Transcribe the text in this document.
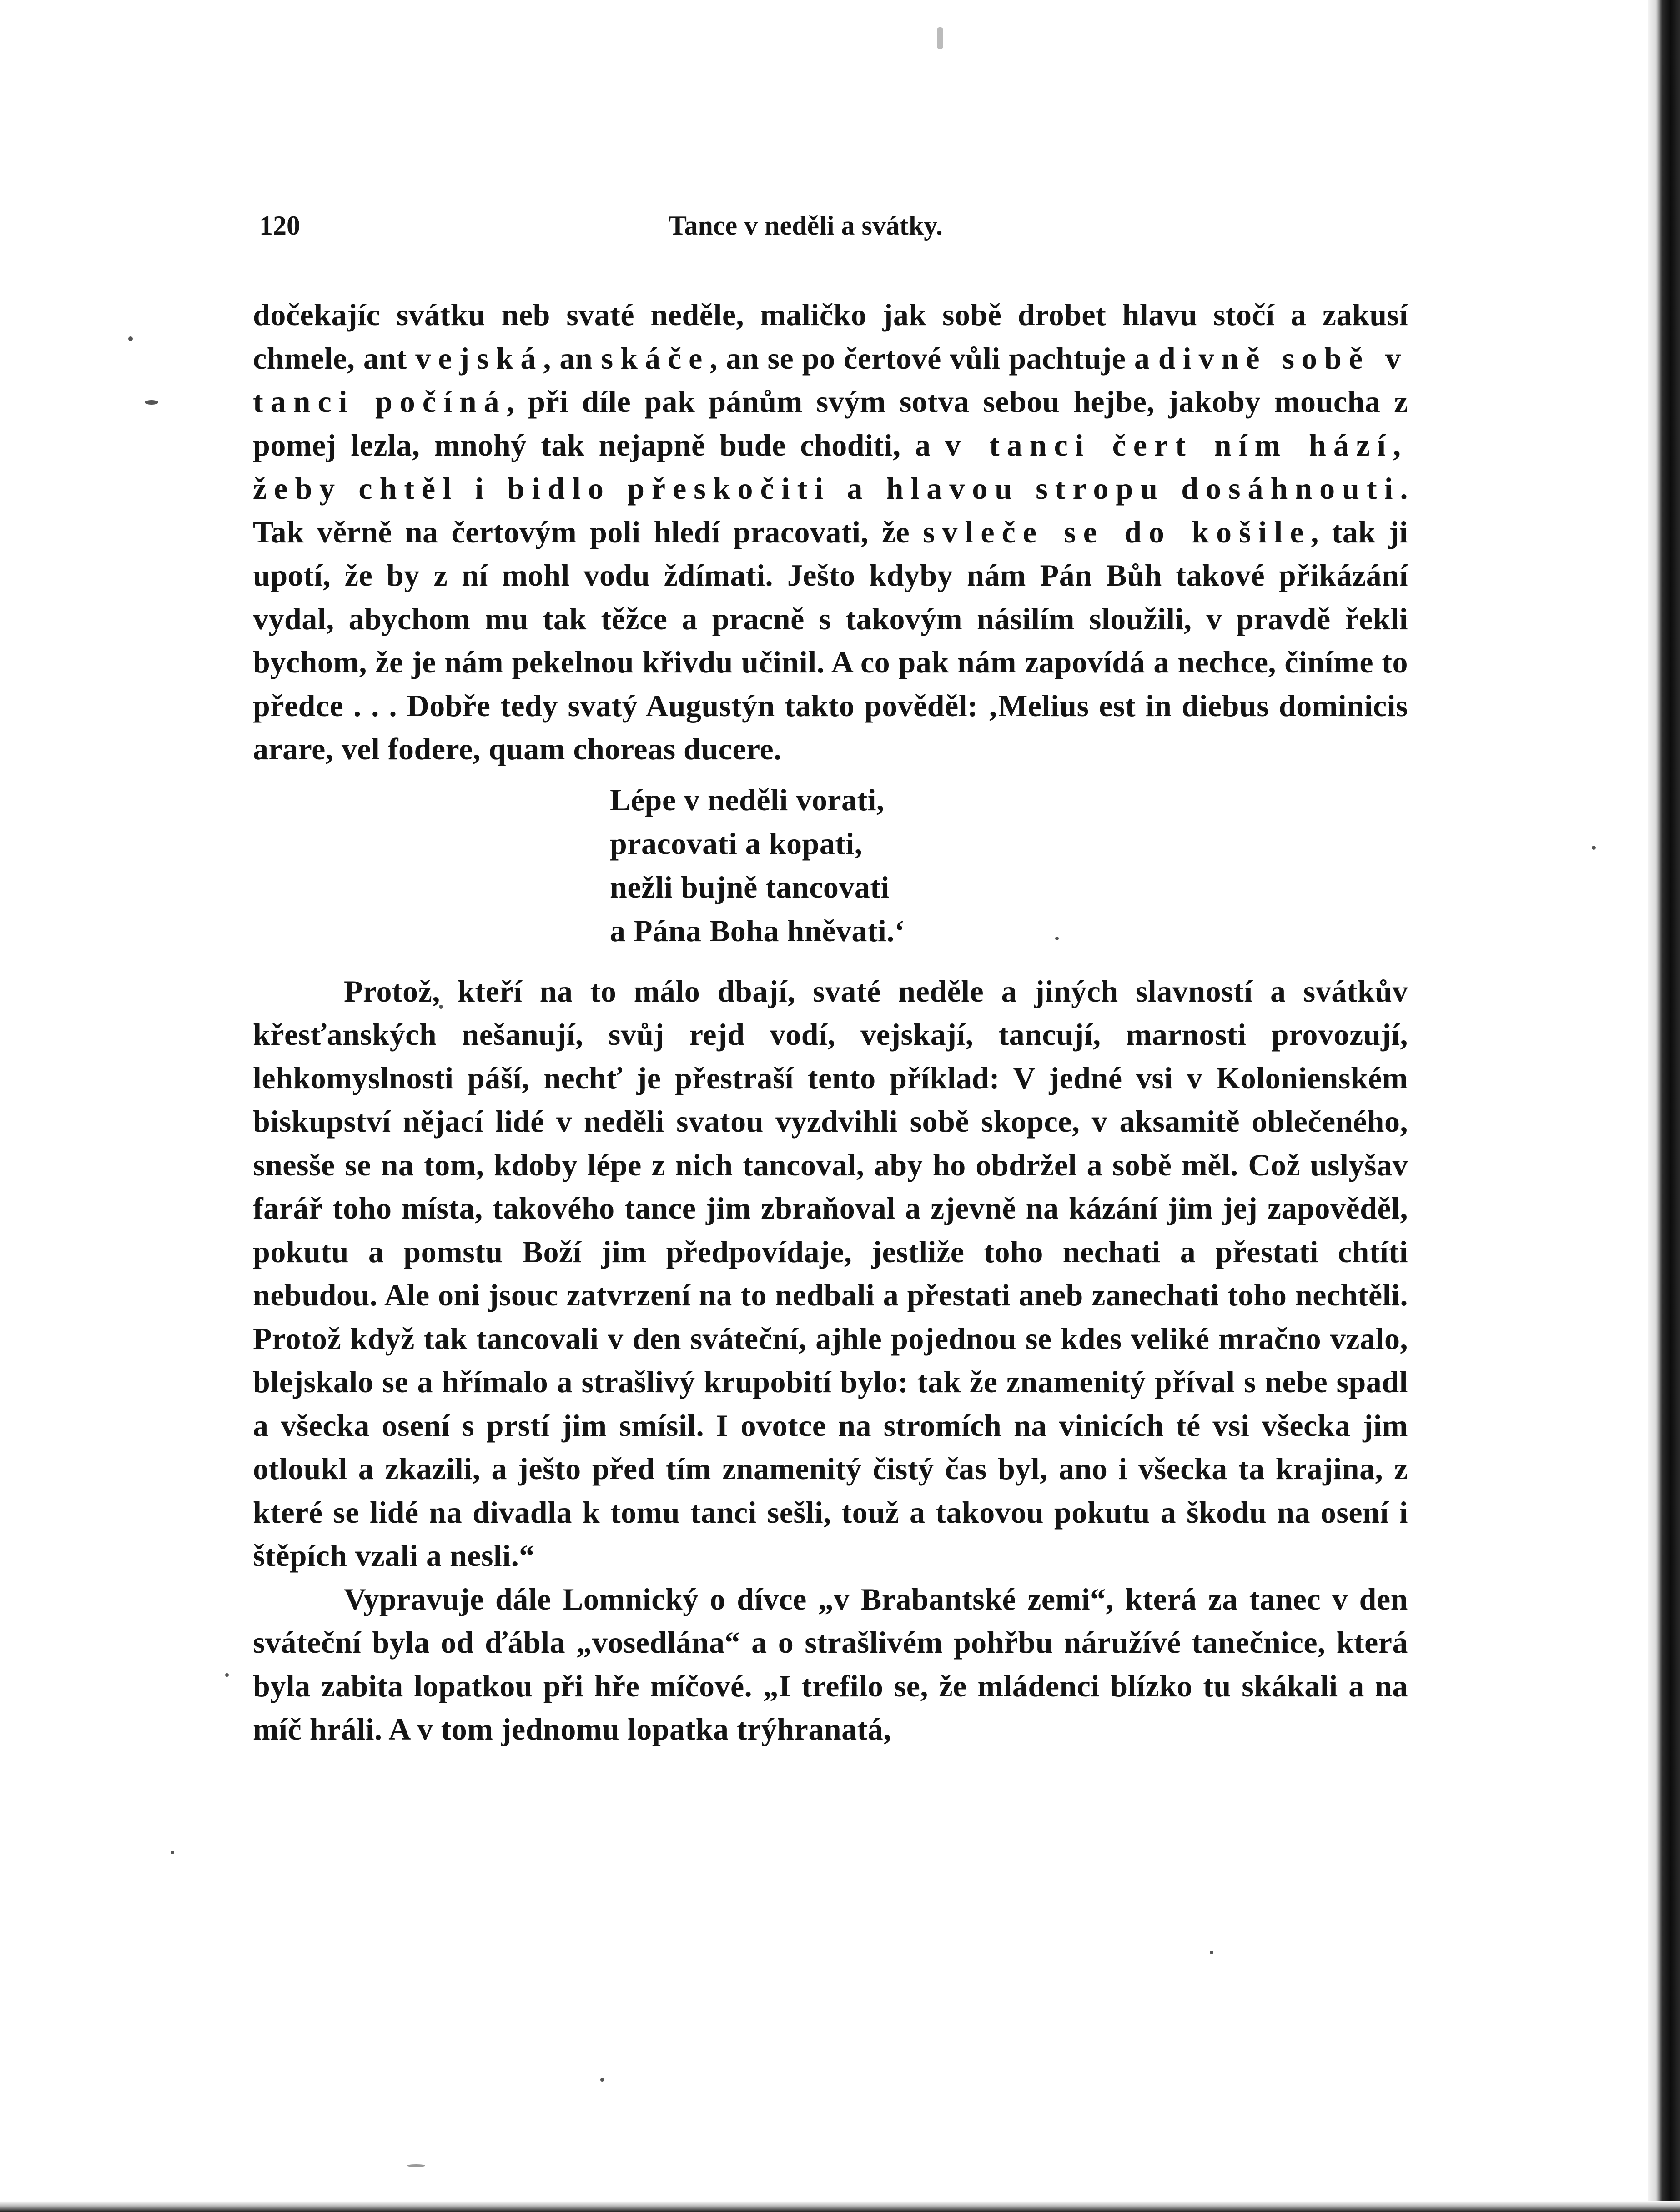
120	Tance v neděli a svátky.

dočekajíc svátku neb svaté neděle, maličko jak sobě drobet hlavu stočí a zakusí chmele, ant vejská, an skáče, an se po čertové vůli pachtuje a divně sobě v tanci počíná, při díle pak pánům svým sotva sebou hejbe, jakoby moucha z pomej lezla, mnohý tak nejapně bude choditi, a v tanci čert ním hází, žeby chtěl i bidlo přeskočiti a hlavou stropu dosáhnouti. Tak věrně na čertovým poli hledí pracovati, že svleče se do košile, tak ji upotí, že by z ní mohl vodu ždímati. Ješto kdyby nám Pán Bůh takové přikázání vydal, abychom mu tak těžce a pracně s takovým násilím sloužili, v pravdě řekli bychom, že je nám pekelnou křivdu učinil. A co pak nám zapovídá a nechce, činíme to předce . . . Dobře tedy svatý Augustýn takto pověděl: ‚Melius est in diebus dominicis arare, vel fodere, quam choreas ducere.

Lépe v neděli vorati,
pracovati a kopati,
nežli bujně tancovati
a Pána Boha hněvati.‘

Protož, kteří na to málo dbají, svaté neděle a jiných slavností a svátkův křesťanských nešanují, svůj rejd vodí, vejskají, tancují, marnosti provozují, lehkomyslnosti páší, nechť je přestraší tento příklad: V jedné vsi v Koloniensk​ém biskupství nějací lidé v neděli svatou vyzdvihli sobě skopce, v aksamitě oblečeného, snesše se na tom, kdoby lépe z nich tancoval, aby ho obdržel a sobě měl. Což uslyšav farář toho místa, takového tance jim zbraňoval a zjevně na kázání jim jej zapověděl, pokutu a pomstu Boží jim předpovídaje, jestliže toho nechati a přestati chtíti nebudou. Ale oni jsouc zatvrzení na to nedbali a přestati aneb zanechati toho nechtěli. Protož když tak tancovali v den sváteční, ajhle pojednou se kdes veliké mračno vzalo, blejskalo se a hřímalo a strašlivý krupobití bylo: tak že znamenitý příval s nebe spadl a všecka osení s prstí jim smísil. I ovotce na stromích na vinicích té vsi všecka jim otloukl a zkazili, a ještо před tím znamenitý čistý čas byl, ano i všecka ta krajina, z které se lidé na divadla k tomu tanci sešli, touž a takovou pokutu a škodu na osení i štěpích vzali a nesli.“

Vypravuje dále Lomnický o dívce „v Brabantské zemi“, která za tanec v den sváteční byla od ďábla „vosedlána“ a o strašlivém pohřbu náružívé tanečnice, která byla zabita lopatkou při hře míčové. „I trefilo se, že mládenci blízko tu skákali a na míč hráli. A v tom jednomu lopatka trýhranatá,
